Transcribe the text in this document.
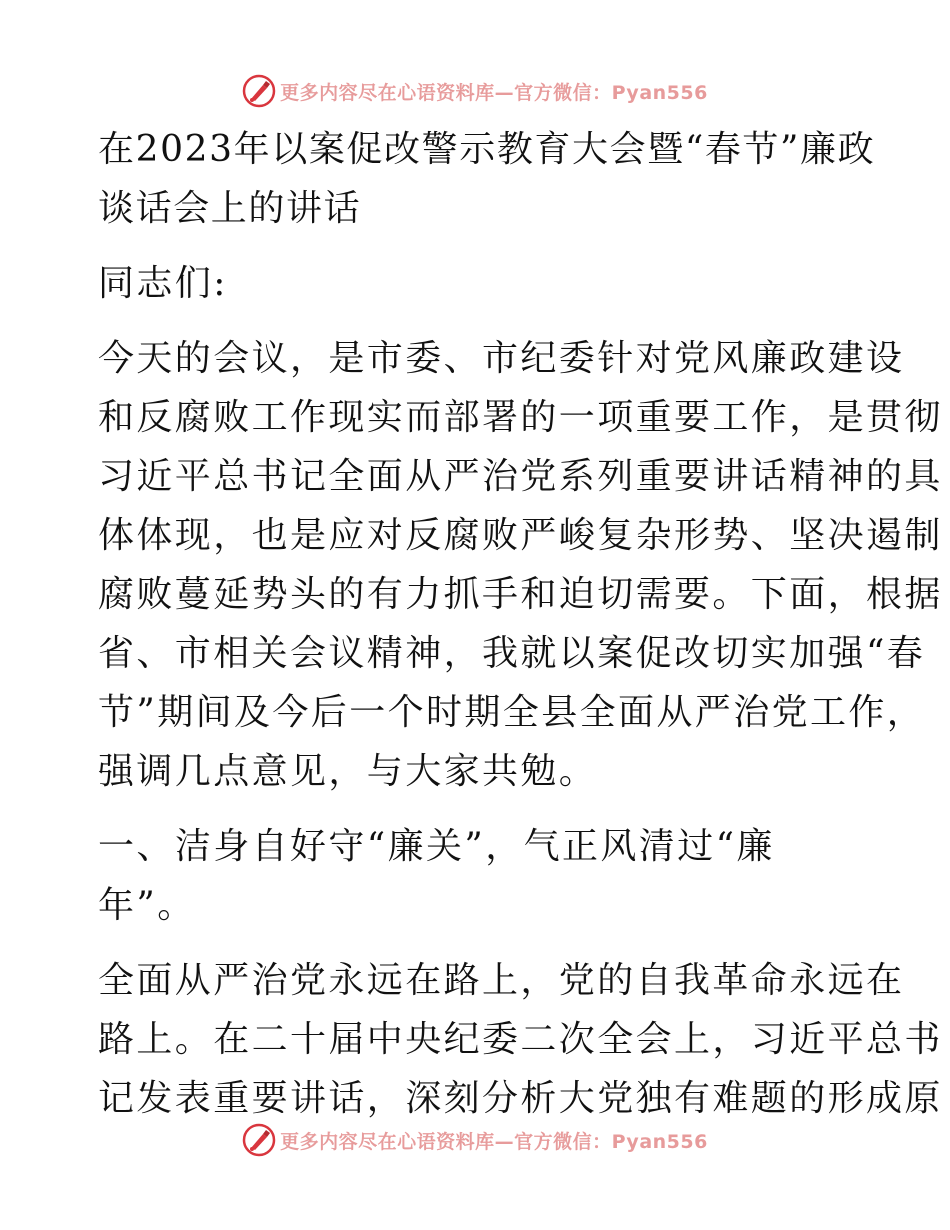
更多内容尽在心语资料库—官方微信：Pyan556
在2023年以案促改警示教育大会暨“春节”廉政
谈话会上的讲话
同志们:
今天的会议，是市委、市纪委针对党风廉政建设
和反腐败工作现实而部署的一项重要工作，是贯彻
习近平总书记全面从严治党系列重要讲话精神的具
体体现，也是应对反腐败严峻复杂形势、坚决遏制
腐败蔓延势头的有力抓手和迫切需要。下面，根据
省、市相关会议精神，我就以案促改切实加强“春
节”期间及今后一个时期全县全面从严治党工作，
强调几点意见，与大家共勉。
一、洁身自好守“廉关”，气正风清过“廉
年”。
全面从严治党永远在路上，党的自我革命永远在
路上。在二十届中央纪委二次全会上，习近平总书
记发表重要讲话，深刻分析大党独有难题的形成原
更多内容尽在心语资料库—官方微信：Pyan556
